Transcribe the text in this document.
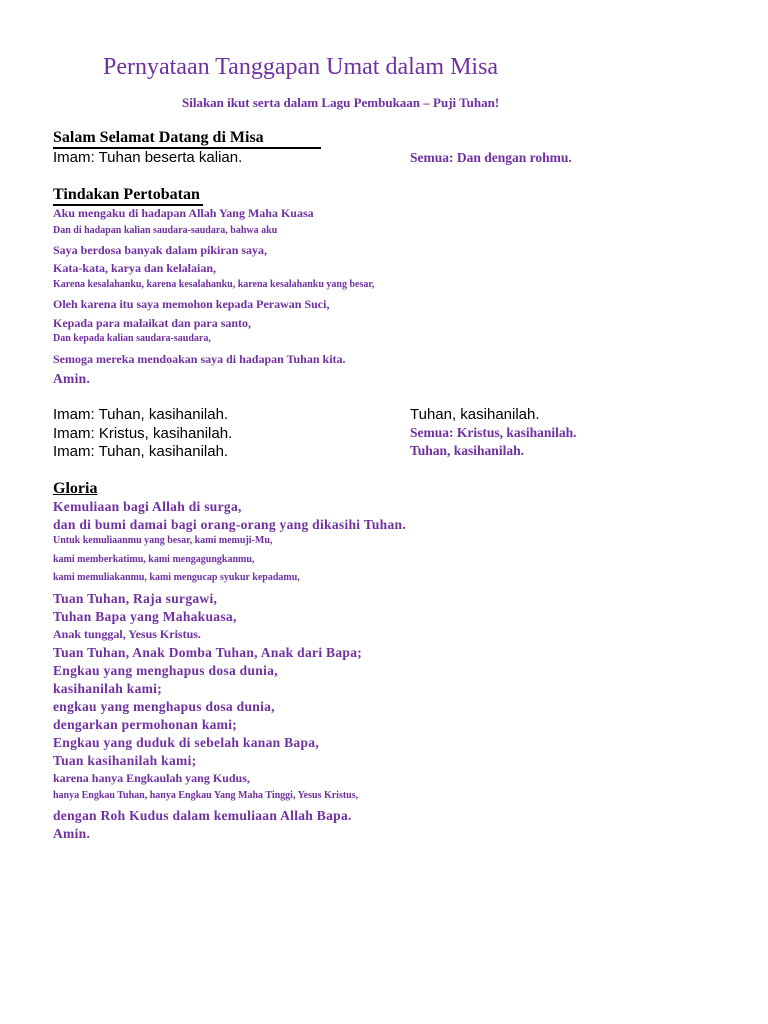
Pernyataan Tanggapan Umat dalam Misa
Silakan ikut serta dalam Lagu Pembukaan – Puji Tuhan!
Salam Selamat Datang di Misa
Imam: Tuhan beserta kalian.	Semua: Dan dengan rohmu.
Tindakan Pertobatan
Aku mengaku di hadapan Allah Yang Maha Kuasa
Dan di hadapan kalian saudara-saudara, bahwa aku
Saya berdosa banyak dalam pikiran saya,
Kata-kata, karya dan kelalaian,
Karena kesalahanku, karena kesalahanku, karena kesalahanku yang besar,
Oleh karena itu saya memohon kepada Perawan Suci,
Kepada para malaikat dan para santo,
Dan kepada kalian saudara-saudara,
Semoga mereka mendoakan saya di hadapan Tuhan kita.
Amin.
Imam: Tuhan, kasihanilah.	Tuhan, kasihanilah.
Imam: Kristus, kasihanilah.	Semua: Kristus, kasihanilah.
Imam: Tuhan, kasihanilah.	Tuhan, kasihanilah.
Gloria
Kemuliaan bagi Allah di surga,
dan di bumi damai bagi orang-orang yang dikasihi Tuhan.
Untuk kemuliaanmu yang besar, kami memuji-Mu,
kami memberkatimu, kami mengagungkanmu,
kami memuliakanmu, kami mengucap syukur kepadamu,
Tuan Tuhan, Raja surgawi,
Tuhan Bapa yang Mahakuasa,
Anak tunggal, Yesus Kristus.
Tuan Tuhan, Anak Domba Tuhan, Anak dari Bapa;
Engkau yang menghapus dosa dunia,
kasihanilah kami;
engkau yang menghapus dosa dunia,
dengarkan permohonan kami;
Engkau yang duduk di sebelah kanan Bapa,
Tuan kasihanilah kami;
karena hanya Engkaulah yang Kudus,
hanya Engkau Tuhan, hanya Engkau Yang Maha Tinggi, Yesus Kristus,
dengan Roh Kudus dalam kemuliaan Allah Bapa.
Amin.
